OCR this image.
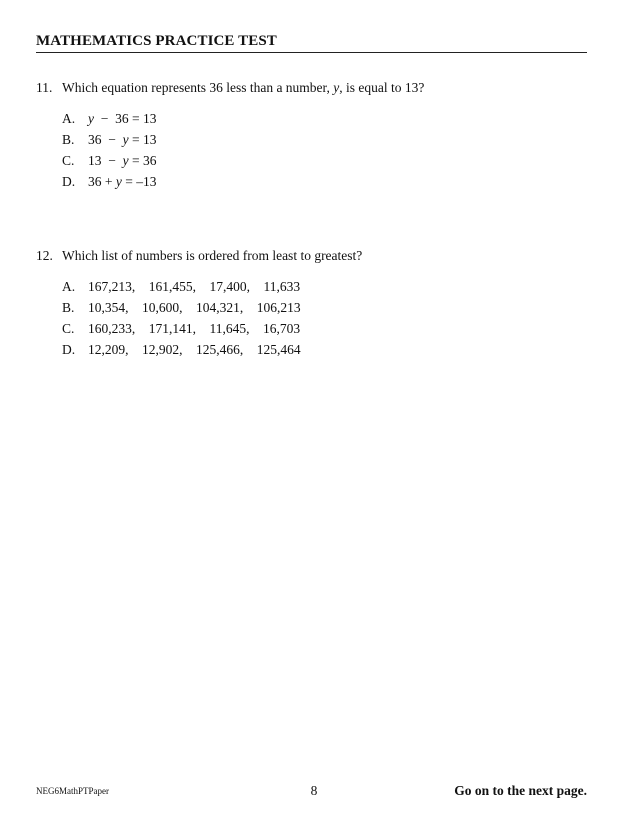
MATHEMATICS PRACTICE TEST
11. Which equation represents 36 less than a number, y, is equal to 13?
A. y  −  36 = 13
B.	36  −  y = 13
C.	13  −  y = 36
D. 36 + y = –13
12. Which list of numbers is ordered from least to greatest?
A. 167,213,    161,455,    17,400,    11,633
B.	10,354,    10,600,    104,321,    106,213
C.	160,233,    171,141,    11,645,    16,703
D. 12,209,    12,902,    125,466,    125,464
NEG6MathPTPaper	8	Go on to the next page.
